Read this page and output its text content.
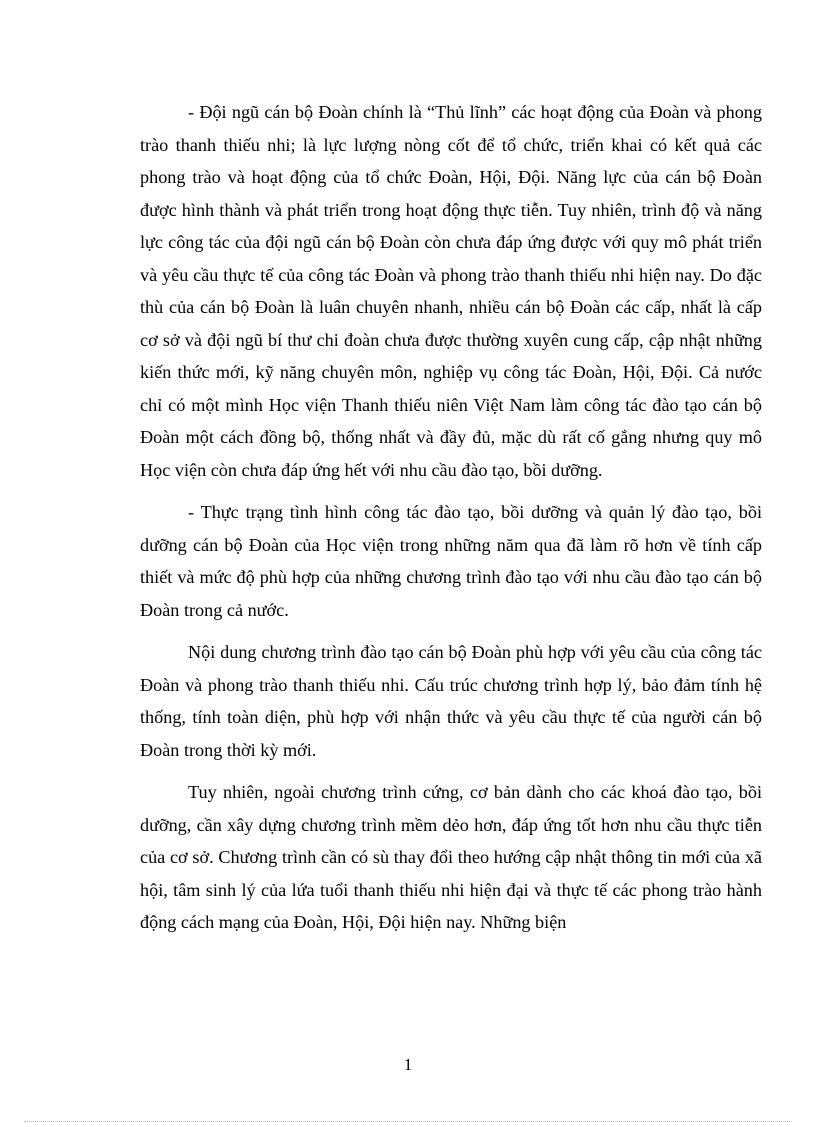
- Đội ngũ cán bộ Đoàn chính là “Thủ lĩnh” các hoạt động của Đoàn và phong trào thanh thiếu nhi; là lực lượng nòng cốt để tổ chức, triển khai có kết quả các phong trào và hoạt động của tổ chức Đoàn, Hội, Đội. Năng lực của cán bộ Đoàn được hình thành và phát triển trong hoạt động thực tiễn. Tuy nhiên, trình độ và năng lực công tác của đội ngũ cán bộ Đoàn còn chưa đáp ứng được với quy mô phát triển và yêu cầu thực tế của công tác Đoàn và phong trào thanh thiếu nhi hiện nay. Do đặc thù của cán bộ Đoàn là luân chuyên nhanh, nhiều cán bộ Đoàn các cấp, nhất là cấp cơ sở và đội ngũ bí thư chi đoàn chưa được thường xuyên cung cấp, cập nhật những kiến thức mới, kỹ năng chuyên môn, nghiệp vụ công tác Đoàn, Hội, Đội. Cả nước chỉ có một mình Học viện Thanh thiếu niên Việt Nam làm công tác đào tạo cán bộ Đoàn một cách đồng bộ, thống nhất và đầy đủ, mặc dù rất cố gắng nhưng quy mô Học viện còn chưa đáp ứng hết với nhu cầu đào tạo, bồi dưỡng.

- Thực trạng tình hình công tác đào tạo, bồi dưỡng và quản lý đào tạo, bồi dưỡng cán bộ Đoàn của Học viện trong những năm qua đã làm rõ hơn về tính cấp thiết và mức độ phù hợp của những chương trình đào tạo với nhu cầu đào tạo cán bộ Đoàn trong cả nước.

Nội dung chương trình đào tạo cán bộ Đoàn phù hợp với yêu cầu của công tác Đoàn và phong trào thanh thiếu nhi. Cấu trúc chương trình hợp lý, bảo đảm tính hệ thống, tính toàn diện, phù hợp với nhận thức và yêu cầu thực tế của người cán bộ Đoàn trong thời kỳ mới.

Tuy nhiên, ngoài chương trình cứng, cơ bản dành cho các khoá đào tạo, bồi dưỡng, cần xây dựng chương trình mềm dẻo hơn, đáp ứng tốt hơn nhu cầu thực tiễn của cơ sở. Chương trình cần có sù thay đổi theo hướng cập nhật thông tin mới của xã hội, tâm sinh lý của lứa tuổi thanh thiếu nhi hiện đại và thực tế các phong trào hành động cách mạng của Đoàn, Hội, Đội hiện nay. Những biện

1
